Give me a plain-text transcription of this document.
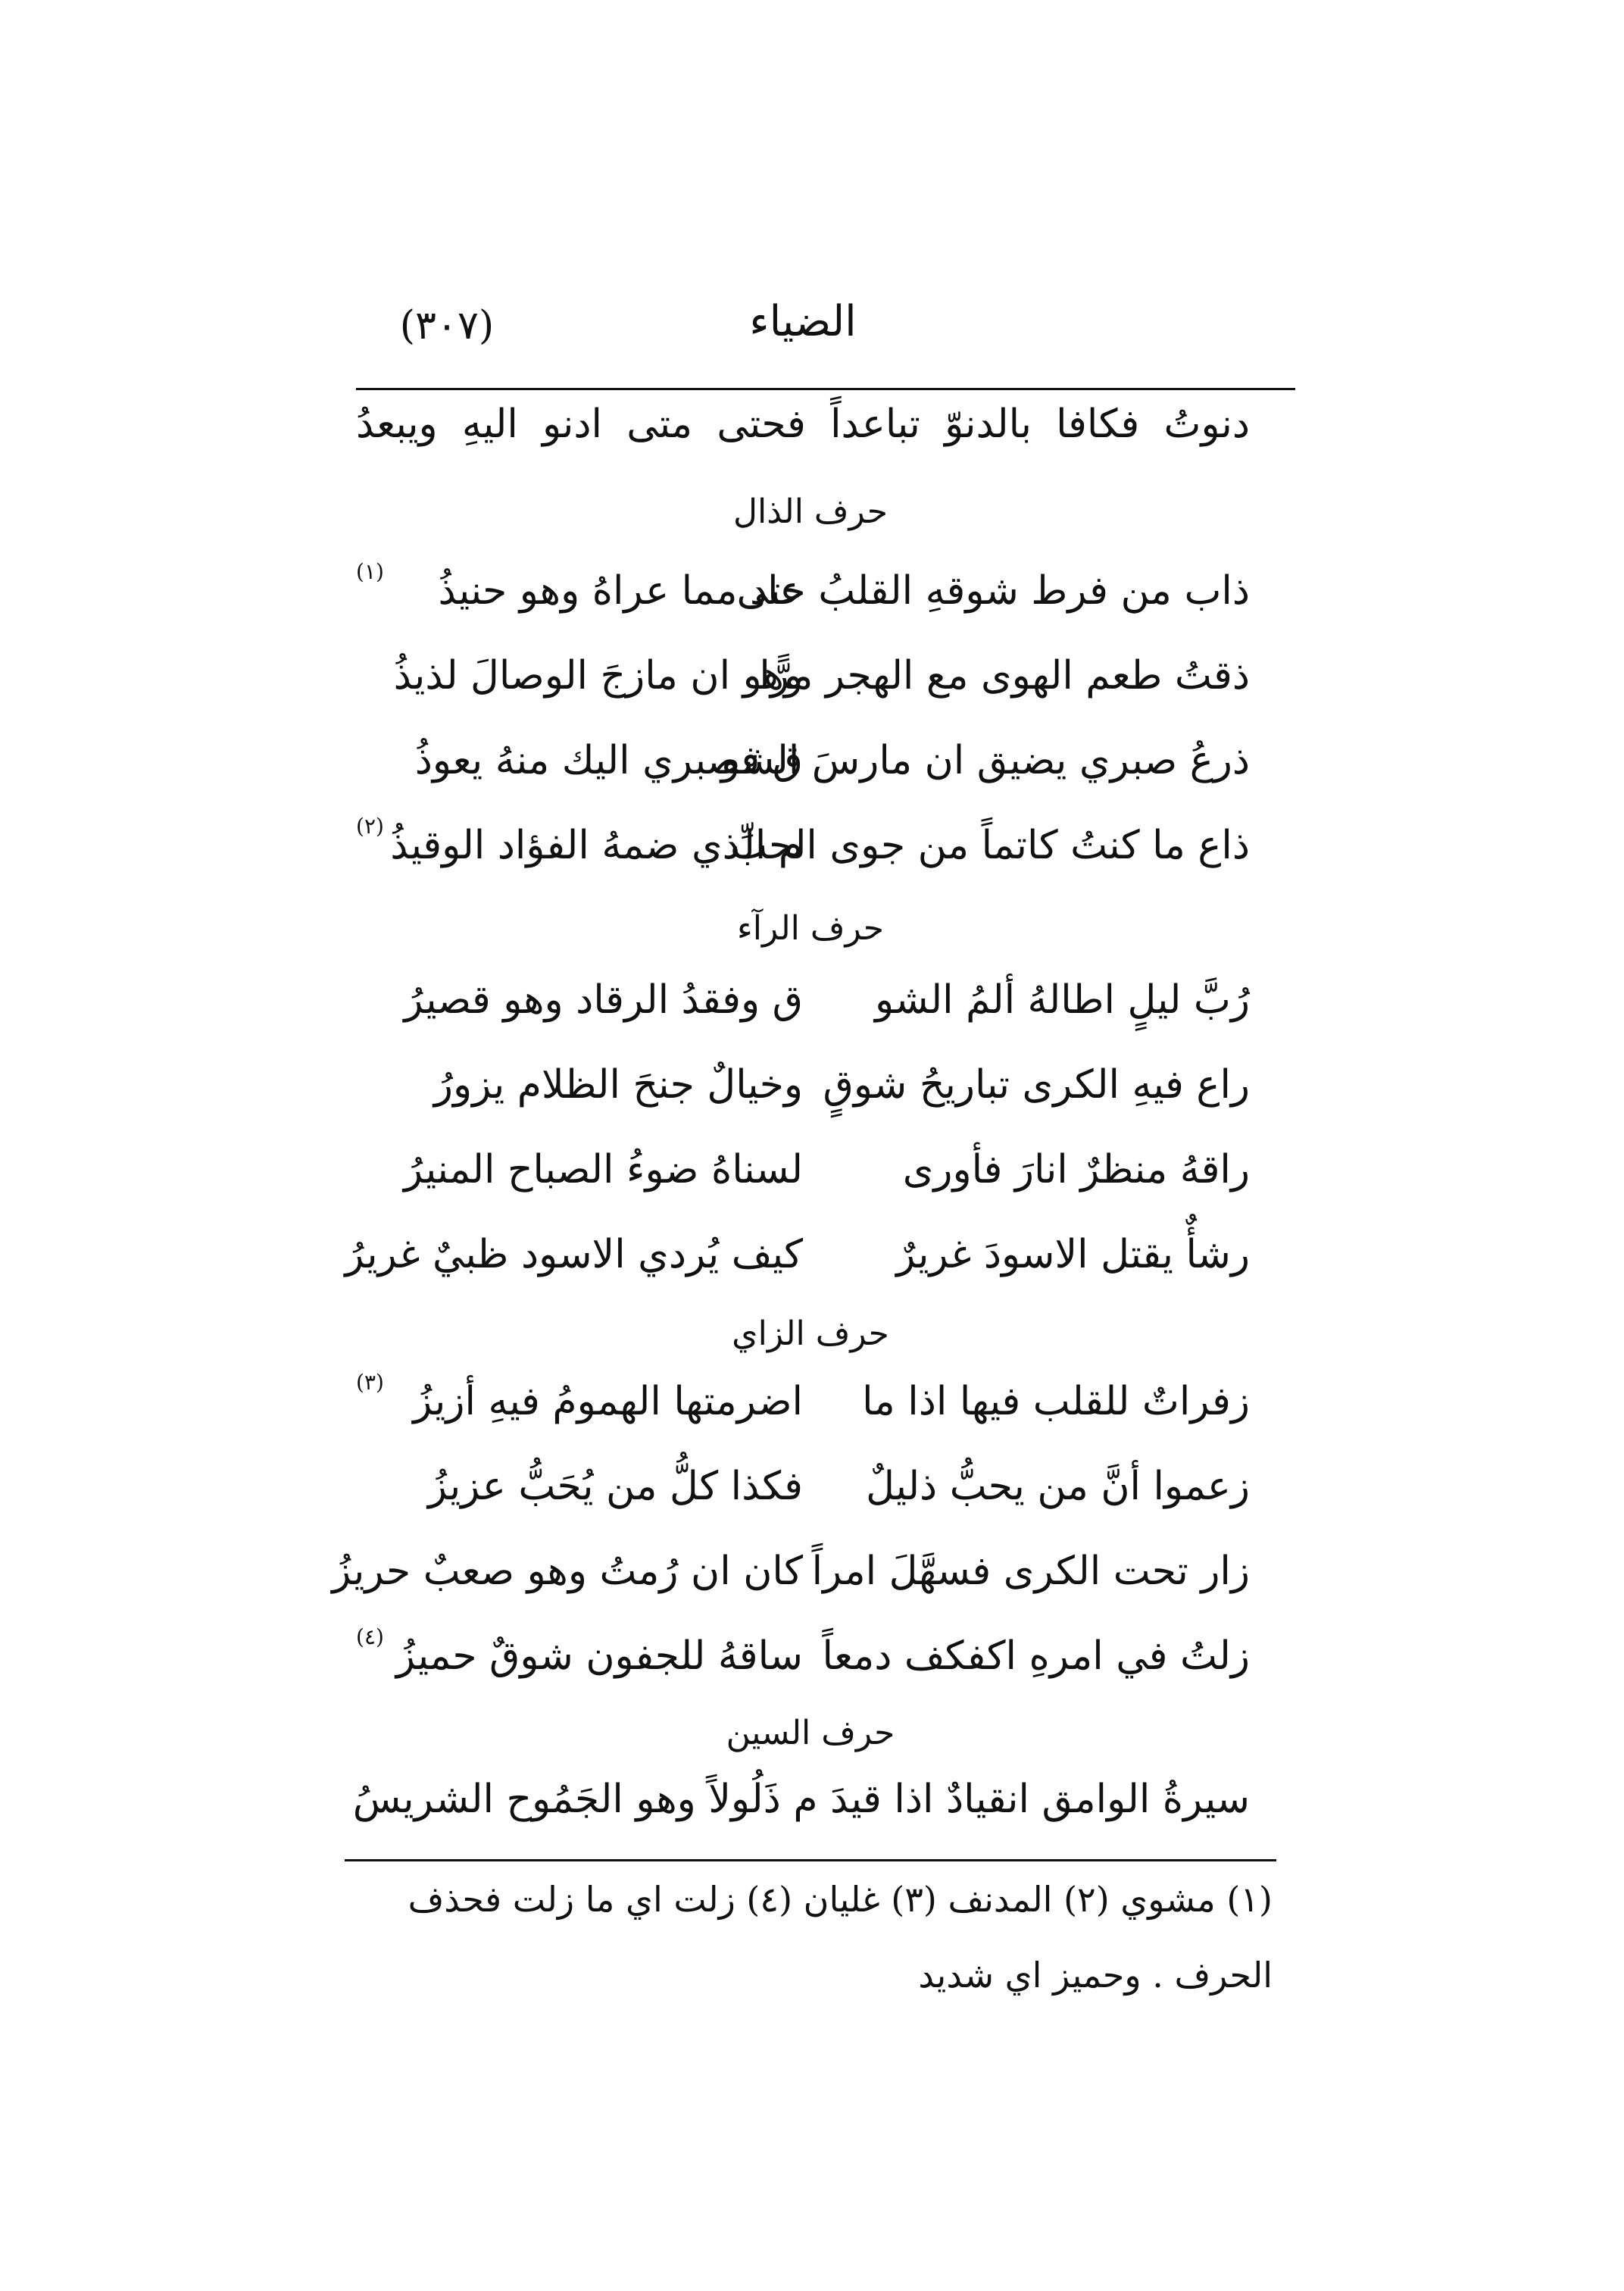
الضياء
(٣٠٧)
دنوتُ فكافا بالدنوّ تباعداً فحتى متى ادنو اليهِ ويبعدُ
حرف الذال
ذاب من فرط شوقهِ القلبُ حتى
عاد مما عراهُ وهو حنيذُ
(١)
ذقتُ طعم الهوى مع الهجر مرًّا
وهو ان مازجَ الوصالَ لذيذُ
ذرعُ صبري يضيق ان مارسَ الشو
ق فصبري اليك منهُ يعوذُ
ذاع ما كنتُ كاتماً من جوى الحبِّ
م الذي ضمهُ الفؤاد الوقيذُ
(٢)
حرف الرآء
رُبَّ ليلٍ اطالهُ ألمُ الشو
ق وفقدُ الرقاد وهو قصيرُ
راع فيهِ الكرى تباريحُ شوقٍ
وخيالٌ جنحَ الظلام يزورُ
راقهُ منظرٌ انارَ فأورى
لسناهُ ضوءُ الصباح المنيرُ
رشأٌ يقتل الاسودَ غريرٌ
كيف يُردي الاسود ظبيٌ غريرُ
حرف الزاي
زفراتٌ للقلب فيها اذا ما
اضرمتها الهمومُ فيهِ أزيزُ
(٣)
زعموا أنَّ من يحبُّ ذليلٌ
فكذا كلُّ من يُحَبُّ عزيزُ
زار تحت الكرى فسهَّلَ امراً
كان ان رُمتُ وهو صعبٌ حريزُ
زلتُ في امرهِ اكفكف دمعاً
ساقهُ للجفون شوقٌ حميزُ
(٤)
حرف السين
سيرةُ الوامق انقيادٌ اذا قيدَ م ذَلُولاً وهو الجَمُوح الشريسُ
(١) مشوي (٢) المدنف (٣) غليان (٤) زلت اي ما زلت فحذف
الحرف . وحميز اي شديد
